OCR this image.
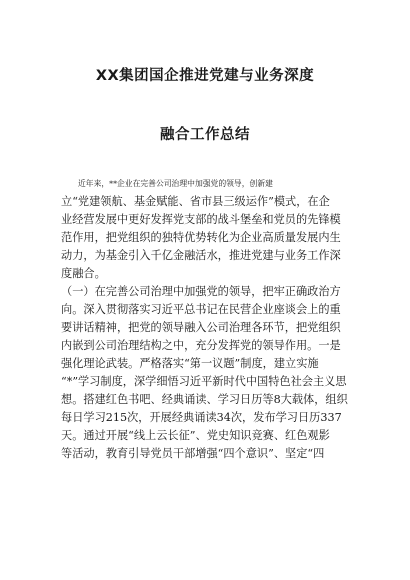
XX集团国企推进党建与业务深度
融合工作总结

近年来，**企业在完善公司治理中加强党的领导，创新建

立“党建领航、基金赋能、省市县三级运作”模式，在企

业经营发展中更好发挥党支部的战斗堡垒和党员的先锋模

范作用，把党组织的独特优势转化为企业高质量发展内生

动力，为基金引入千亿金融活水，推进党建与业务工作深

度融合。

（一）在完善公司治理中加强党的领导，把牢正确政治方

向。深入贯彻落实习近平总书记在民营企业座谈会上的重

要讲话精神，把党的领导融入公司治理各环节，把党组织

内嵌到公司治理结构之中，充分发挥党的领导作用。一是

强化理论武装。严格落实“第一议题”制度，建立实施

“*”学习制度，深学细悟习近平新时代中国特色社会主义思

想。搭建红色书吧、经典诵读、学习日历等8大载体，组织

每日学习215次，开展经典诵读34次，发布学习日历337

天。通过开展“线上云长征”、党史知识竞赛、红色观影

等活动，教育引导党员干部增强“四个意识”、坚定“四
